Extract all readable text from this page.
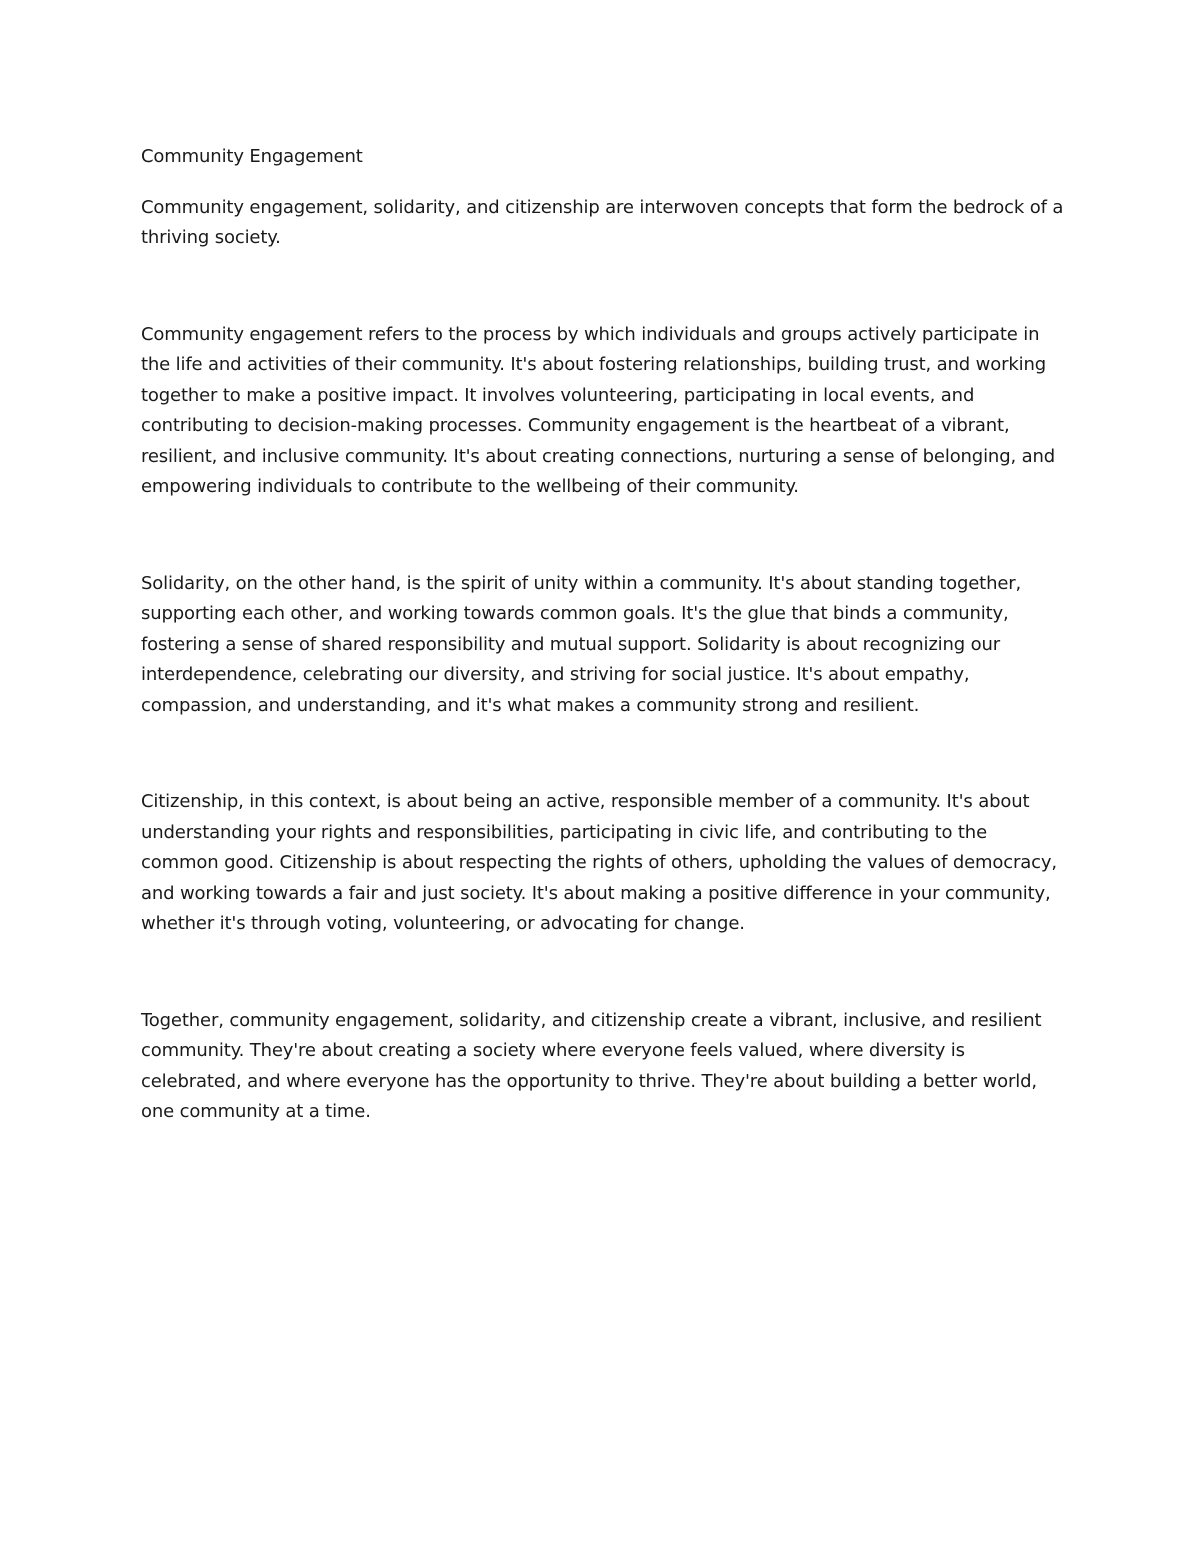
Community Engagement

Community engagement, solidarity, and citizenship are interwoven concepts that form the bedrock of a thriving society.

Community engagement refers to the process by which individuals and groups actively participate in the life and activities of their community. It's about fostering relationships, building trust, and working together to make a positive impact. It involves volunteering, participating in local events, and contributing to decision-making processes. Community engagement is the heartbeat of a vibrant, resilient, and inclusive community. It's about creating connections, nurturing a sense of belonging, and empowering individuals to contribute to the wellbeing of their community.

Solidarity, on the other hand, is the spirit of unity within a community. It's about standing together, supporting each other, and working towards common goals. It's the glue that binds a community, fostering a sense of shared responsibility and mutual support. Solidarity is about recognizing our interdependence, celebrating our diversity, and striving for social justice. It's about empathy, compassion, and understanding, and it's what makes a community strong and resilient.

Citizenship, in this context, is about being an active, responsible member of a community. It's about understanding your rights and responsibilities, participating in civic life, and contributing to the common good. Citizenship is about respecting the rights of others, upholding the values of democracy, and working towards a fair and just society. It's about making a positive difference in your community, whether it's through voting, volunteering, or advocating for change.

Together, community engagement, solidarity, and citizenship create a vibrant, inclusive, and resilient community. They're about creating a society where everyone feels valued, where diversity is celebrated, and where everyone has the opportunity to thrive. They're about building a better world, one community at a time.
